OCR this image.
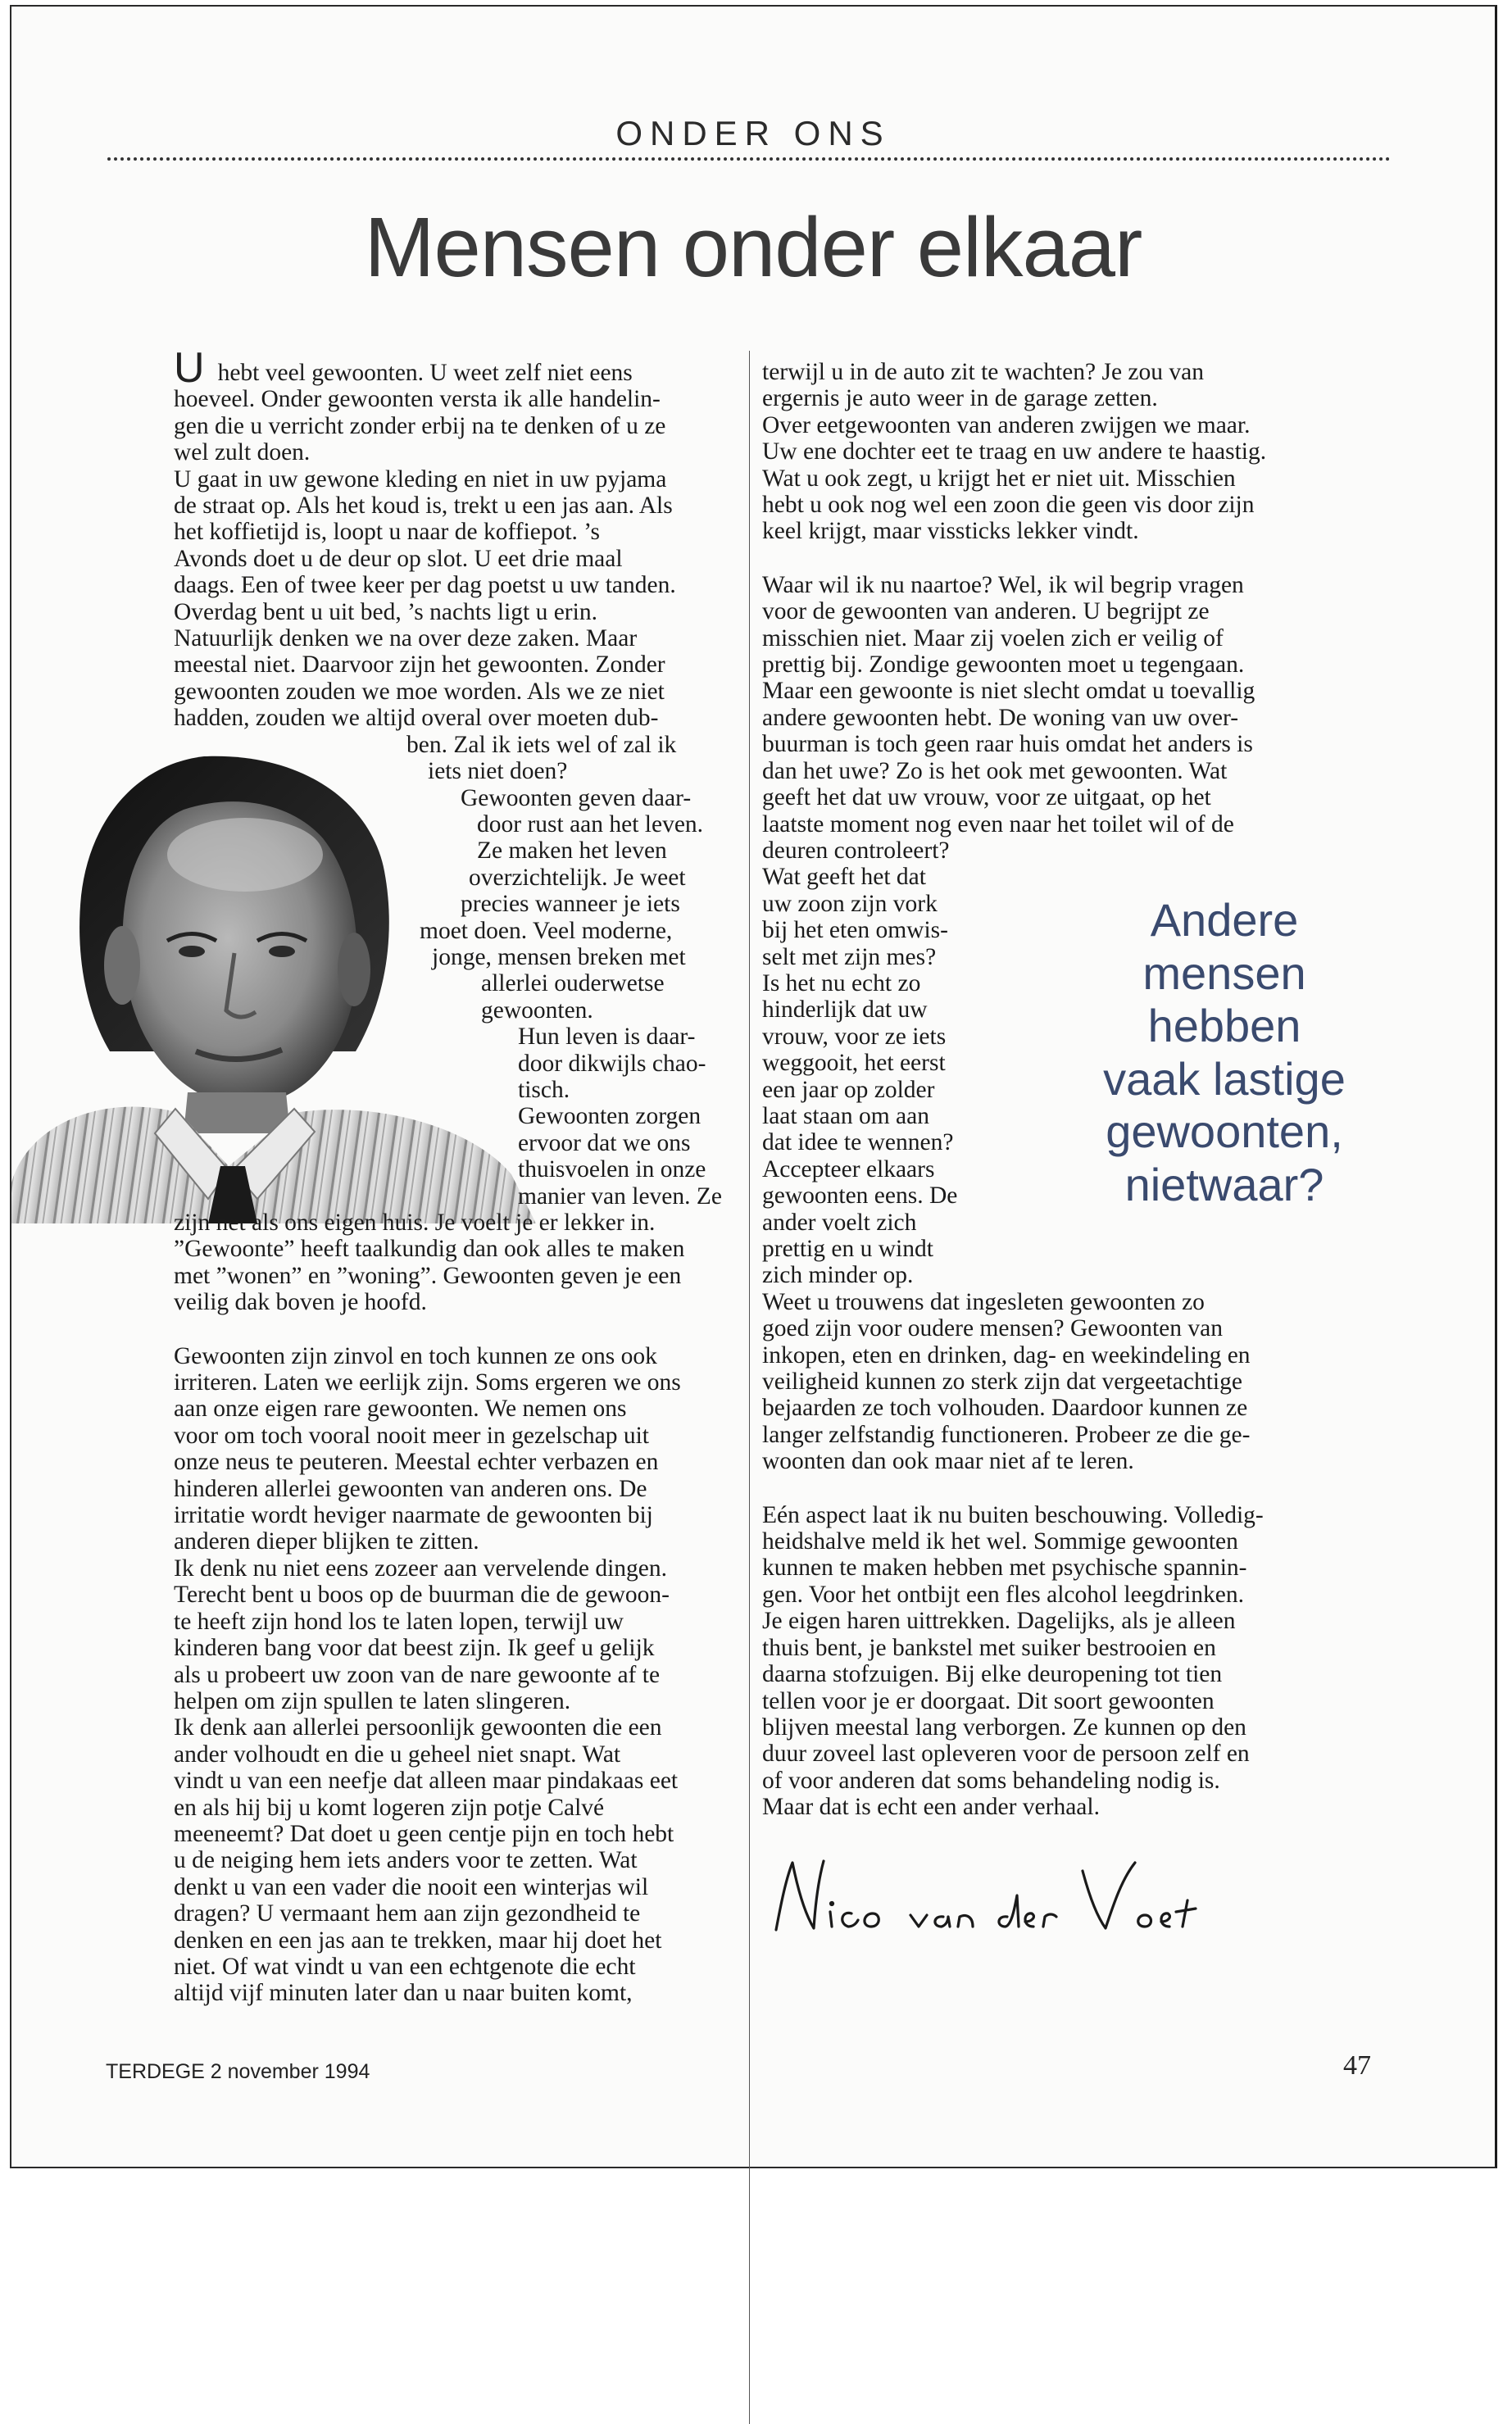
ONDER ONS
Mensen onder elkaar
Uhebt veel gewoonten. U weet zelf niet eens
hoeveel. Onder gewoonten versta ik alle handelin-
gen die u verricht zonder erbij na te denken of u ze
wel zult doen.
U gaat in uw gewone kleding en niet in uw pyjama
de straat op. Als het koud is, trekt u een jas aan. Als
het koffietijd is, loopt u naar de koffiepot. ’s
Avonds doet u de deur op slot. U eet drie maal
daags. Een of twee keer per dag poetst u uw tanden.
Overdag bent u uit bed, ’s nachts ligt u erin.
Natuurlijk denken we na over deze zaken. Maar
meestal niet. Daarvoor zijn het gewoonten. Zonder
gewoonten zouden we moe worden. Als we ze niet
hadden, zouden we altijd overal over moeten dub-
ben. Zal ik iets wel of zal ik
iets niet doen?
Gewoonten geven daar-
door rust aan het leven.
Ze maken het leven
overzichtelijk. Je weet
precies wanneer je iets
moet doen. Veel moderne,
jonge, mensen breken met
allerlei ouderwetse
gewoonten.
Hun leven is daar-
door dikwijls chao-
tisch.
Gewoonten zorgen
ervoor dat we ons
thuisvoelen in onze
manier van leven. Ze
zijn net als ons eigen huis. Je voelt je er lekker in.
”Gewoonte” heeft taalkundig dan ook alles te maken
met ”wonen” en ”woning”. Gewoonten geven je een
veilig dak boven je hoofd.
Gewoonten zijn zinvol en toch kunnen ze ons ook
irriteren. Laten we eerlijk zijn. Soms ergeren we ons
aan onze eigen rare gewoonten. We nemen ons
voor om toch vooral nooit meer in gezelschap uit
onze neus te peuteren. Meestal echter verbazen en
hinderen allerlei gewoonten van anderen ons. De
irritatie wordt heviger naarmate de gewoonten bij
anderen dieper blijken te zitten.
Ik denk nu niet eens zozeer aan vervelende dingen.
Terecht bent u boos op de buurman die de gewoon-
te heeft zijn hond los te laten lopen, terwijl uw
kinderen bang voor dat beest zijn. Ik geef u gelijk
als u probeert uw zoon van de nare gewoonte af te
helpen om zijn spullen te laten slingeren.
Ik denk aan allerlei persoonlijk gewoonten die een
ander volhoudt en die u geheel niet snapt. Wat
vindt u van een neefje dat alleen maar pindakaas eet
en als hij bij u komt logeren zijn potje Calvé
meeneemt? Dat doet u geen centje pijn en toch hebt
u de neiging hem iets anders voor te zetten. Wat
denkt u van een vader die nooit een winterjas wil
dragen? U vermaant hem aan zijn gezondheid te
denken en een jas aan te trekken, maar hij doet het
niet. Of wat vindt u van een echtgenote die echt
altijd vijf minuten later dan u naar buiten komt,
terwijl u in de auto zit te wachten? Je zou van
ergernis je auto weer in de garage zetten.
Over eetgewoonten van anderen zwijgen we maar.
Uw ene dochter eet te traag en uw andere te haastig.
Wat u ook zegt, u krijgt het er niet uit. Misschien
hebt u ook nog wel een zoon die geen vis door zijn
keel krijgt, maar vissticks lekker vindt.
Waar wil ik nu naartoe? Wel, ik wil begrip vragen
voor de gewoonten van anderen. U begrijpt ze
misschien niet. Maar zij voelen zich er veilig of
prettig bij. Zondige gewoonten moet u tegengaan.
Maar een gewoonte is niet slecht omdat u toevallig
andere gewoonten hebt. De woning van uw over-
buurman is toch geen raar huis omdat het anders is
dan het uwe? Zo is het ook met gewoonten. Wat
geeft het dat uw vrouw, voor ze uitgaat, op het
laatste moment nog even naar het toilet wil of de
deuren controleert?
Wat geeft het dat
uw zoon zijn vork
bij het eten omwis-
selt met zijn mes?
Is het nu echt zo
hinderlijk dat uw
vrouw, voor ze iets
weggooit, het eerst
een jaar op zolder
laat staan om aan
dat idee te wennen?
Accepteer elkaars
gewoonten eens. De
ander voelt zich
prettig en u windt
zich minder op.
Weet u trouwens dat ingesleten gewoonten zo
goed zijn voor oudere mensen? Gewoonten van
inkopen, eten en drinken, dag- en weekindeling en
veiligheid kunnen zo sterk zijn dat vergeetachtige
bejaarden ze toch volhouden. Daardoor kunnen ze
langer zelfstandig functioneren. Probeer ze die ge-
woonten dan ook maar niet af te leren.
Eén aspect laat ik nu buiten beschouwing. Volledig-
heidshalve meld ik het wel. Sommige gewoonten
kunnen te maken hebben met psychische spannin-
gen. Voor het ontbijt een fles alcohol leegdrinken.
Je eigen haren uittrekken. Dagelijks, als je alleen
thuis bent, je bankstel met suiker bestrooien en
daarna stofzuigen. Bij elke deuropening tot tien
tellen voor je er doorgaat. Dit soort gewoonten
blijven meestal lang verborgen. Ze kunnen op den
duur zoveel last opleveren voor de persoon zelf en
of voor anderen dat soms behandeling nodig is.
Maar dat is echt een ander verhaal.
Andere
mensen
hebben
vaak lastige
gewoonten,
nietwaar?
TERDEGE 2 november 1994	47
